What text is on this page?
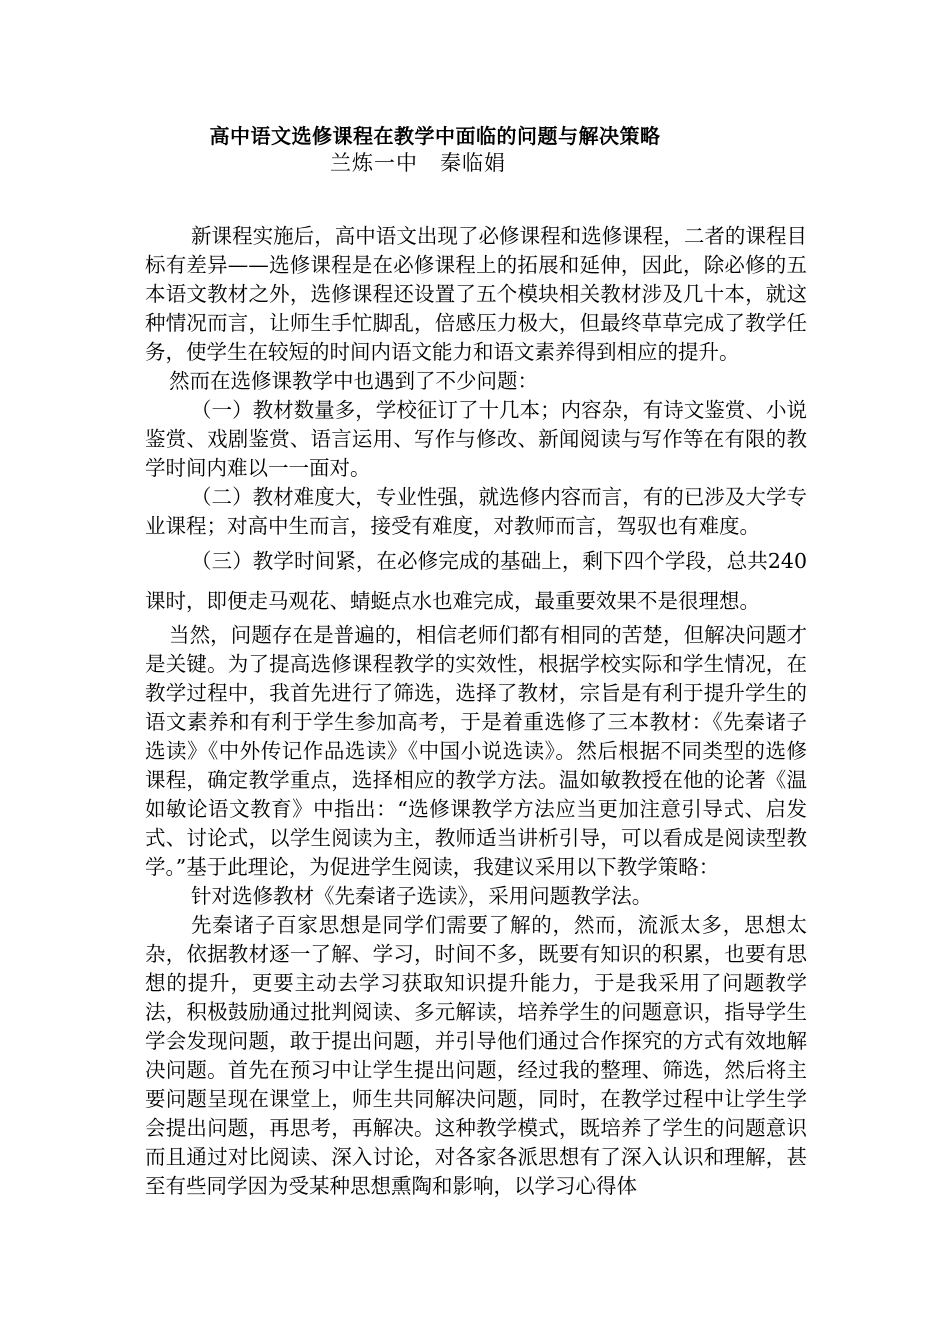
高中语文选修课程在教学中面临的问题与解决策略
兰炼一中　秦临娟

新课程实施后，高中语文出现了必修课程和选修课程，二者的课程目标有差异——选修课程是在必修课程上的拓展和延伸，因此，除必修的五本语文教材之外，选修课程还设置了五个模块相关教材涉及几十本，就这种情况而言，让师生手忙脚乱，倍感压力极大，但最终草草完成了教学任务，使学生在较短的时间内语文能力和语文素养得到相应的提升。

然而在选修课教学中也遇到了不少问题：

（一）教材数量多，学校征订了十几本；内容杂，有诗文鉴赏、小说鉴赏、戏剧鉴赏、语言运用、写作与修改、新闻阅读与写作等在有限的教学时间内难以一一面对。

（二）教材难度大，专业性强，就选修内容而言，有的已涉及大学专业课程；对高中生而言，接受有难度，对教师而言，驾驭也有难度。

（三）教学时间紧，在必修完成的基础上，剩下四个学段，总共240课时，即便走马观花、蜻蜓点水也难完成，最重要效果不是很理想。

当然，问题存在是普遍的，相信老师们都有相同的苦楚，但解决问题才是关键。为了提高选修课程教学的实效性，根据学校实际和学生情况，在教学过程中，我首先进行了筛选，选择了教材，宗旨是有利于提升学生的语文素养和有利于学生参加高考，于是着重选修了三本教材：《先秦诸子选读》《中外传记作品选读》《中国小说选读》。然后根据不同类型的选修课程，确定教学重点，选择相应的教学方法。温如敏教授在他的论著《温如敏论语文教育》中指出：“选修课教学方法应当更加注意引导式、启发式、讨论式，以学生阅读为主，教师适当讲析引导，可以看成是阅读型教学。”基于此理论，为促进学生阅读，我建议采用以下教学策略：

针对选修教材《先秦诸子选读》，采用问题教学法。

先秦诸子百家思想是同学们需要了解的，然而，流派太多，思想太杂，依据教材逐一了解、学习，时间不多，既要有知识的积累，也要有思想的提升，更要主动去学习获取知识提升能力，于是我采用了问题教学法，积极鼓励通过批判阅读、多元解读，培养学生的问题意识，指导学生学会发现问题，敢于提出问题，并引导他们通过合作探究的方式有效地解决问题。首先在预习中让学生提出问题，经过我的整理、筛选，然后将主要问题呈现在课堂上，师生共同解决问题，同时，在教学过程中让学生学会提出问题，再思考，再解决。这种教学模式，既培养了学生的问题意识而且通过对比阅读、深入讨论，对各家各派思想有了深入认识和理解，甚至有些同学因为受某种思想熏陶和影响，以学习心得体
